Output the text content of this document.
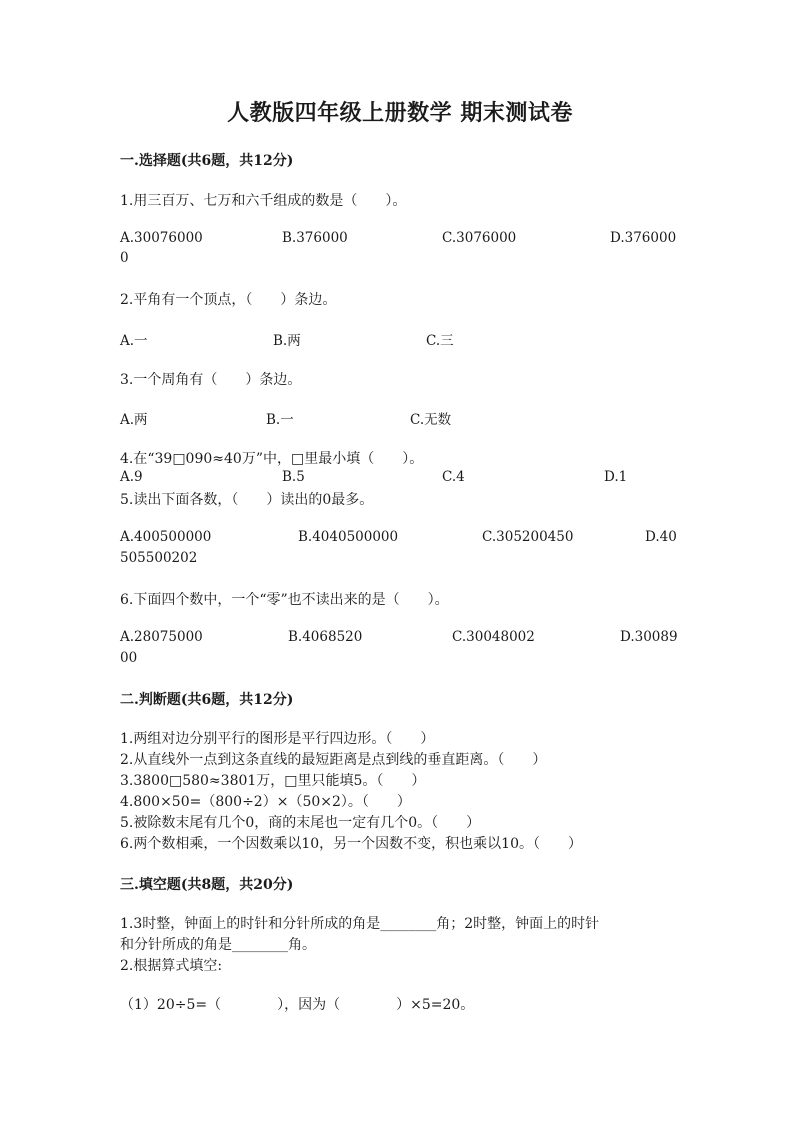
人教版四年级上册数学 期末测试卷
一.选择题(共6题，共12分)
1.用三百万、七万和六千组成的数是（　　）。
A.30076000	B.376000	C.3076000	D.376000
0
2.平角有一个顶点，（　　）条边。
A.一	B.两	C.三
3.一个周角有（　　）条边。
A.两	B.一	C.无数
4.在“39□090≈40万”中，□里最小填（　　）。
A.9	B.5	C.4	D.1
5.读出下面各数，（　　）读出的0最多。
A.400500000	B.4040500000	C.305200450	D.40
505500202
6.下面四个数中，一个“零”也不读出来的是（　　）。
A.28075000	B.4068520	C.30048002	D.30089
00
二.判断题(共6题，共12分)
1.两组对边分别平行的图形是平行四边形。（　　）
2.从直线外一点到这条直线的最短距离是点到线的垂直距离。（　　）
3.3800□580≈3801万，□里只能填5。（　　）
4.800×50=（800÷2）×（50×2）。（　　）
5.被除数末尾有几个0，商的末尾也一定有几个0。（　　）
6.两个数相乘，一个因数乘以10，另一个因数不变，积也乘以10。（　　）
三.填空题(共8题，共20分)
1.3时整，钟面上的时针和分针所成的角是________角；2时整，钟面上的时针
和分针所成的角是________角。
2.根据算式填空:
（1）20÷5=（　　　　），因为（　　　　）×5=20。
